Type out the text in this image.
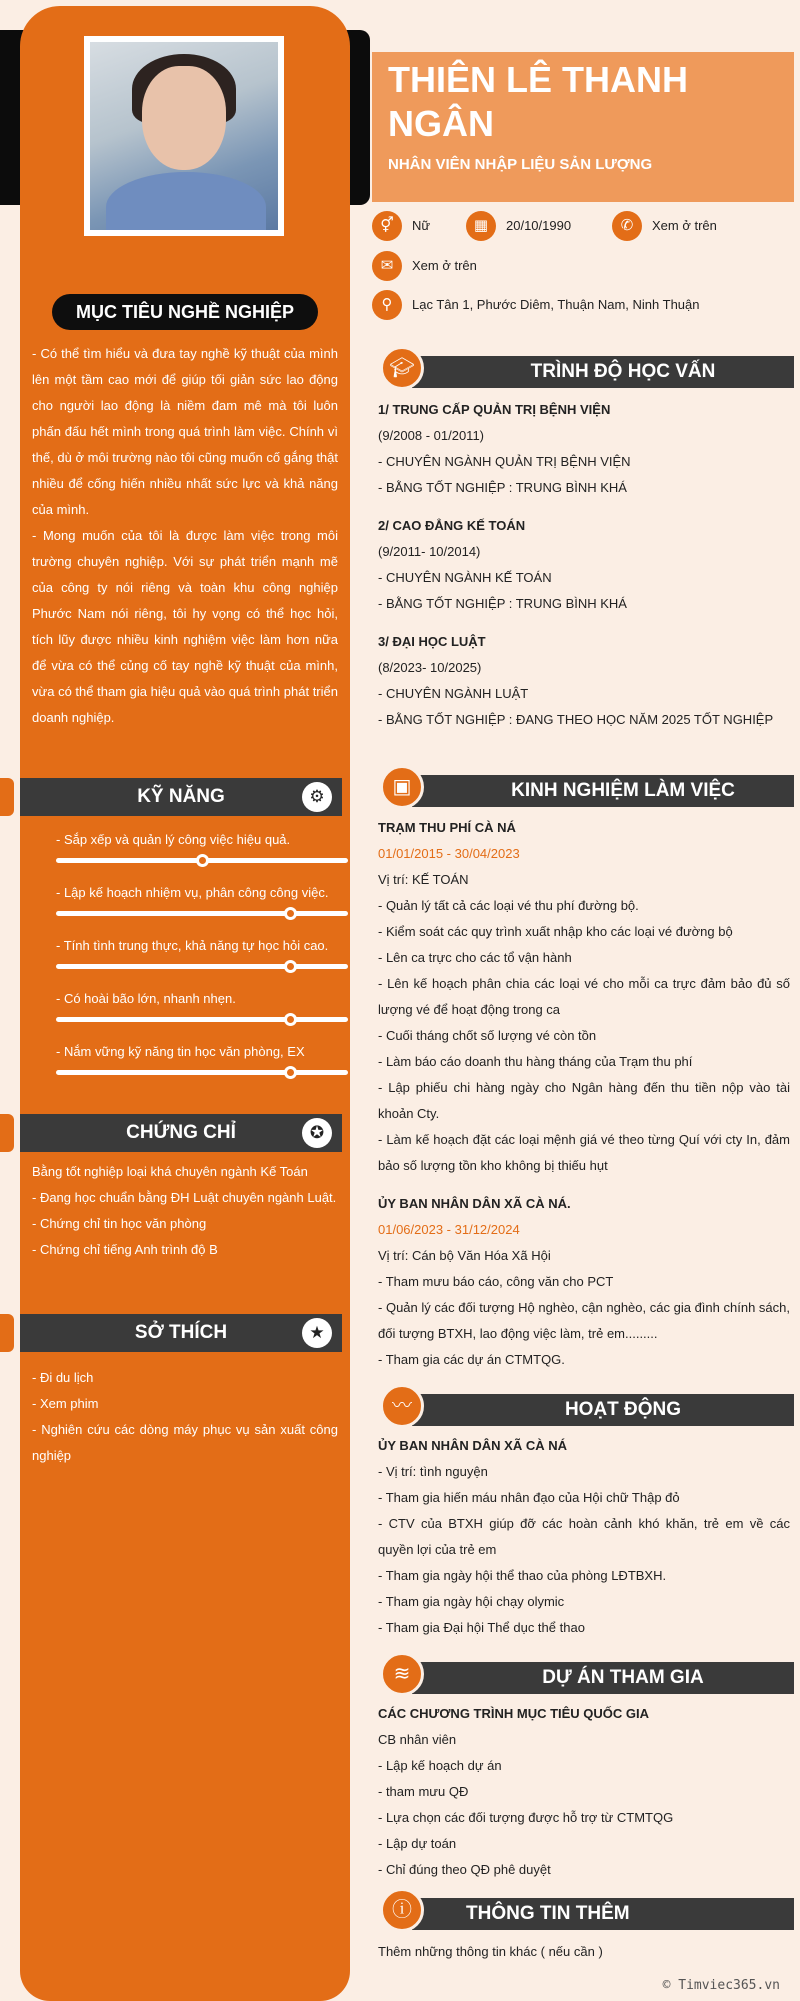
MỤC TIÊU NGHỀ NGHIỆP
- Có thể tìm hiểu và đưa tay nghề kỹ thuật của mình lên một tầm cao mới để giúp tối giản sức lao động cho người lao động là niềm đam mê mà tôi luôn phấn đấu hết mình trong quá trình làm việc. Chính vì thế, dù ở môi trường nào tôi cũng muốn cố gắng thật nhiều để cống hiến nhiều nhất sức lực và khả năng của mình.
- Mong muốn của tôi là được làm việc trong môi trường chuyên nghiệp. Với sự phát triển mạnh mẽ của công ty nói riêng và toàn khu công nghiệp Phước Nam nói riêng, tôi hy vọng có thể học hỏi, tích lũy được nhiều kinh nghiệm việc làm hơn nữa để vừa có thể củng cố tay nghề kỹ thuật của mình, vừa có thể tham gia hiệu quả vào quá trình phát triển doanh nghiệp.
KỸ NĂNG	⚙
- Sắp xếp và quản lý công việc hiệu quả.
- Lập kế hoạch nhiệm vụ, phân công công việc.
- Tính tình trung thực, khả năng tự học hỏi cao.
- Có hoài bão lớn, nhanh nhẹn.
- Nắm vững kỹ năng tin học văn phòng, EX
CHỨNG CHỈ	✪
Bằng tốt nghiệp loại khá chuyên ngành Kế Toán
- Đang học chuẩn bằng ĐH Luật chuyên ngành Luật.
- Chứng chỉ tin học văn phòng
- Chứng chỉ tiếng Anh trình độ B
SỞ THÍCH	★
- Đi du lịch
- Xem phim
- Nghiên cứu các dòng máy phục vụ sản xuất công nghiệp
THIÊN LÊ THANH NGÂN
NHÂN VIÊN NHẬP LIỆU SẢN LƯỢNG
⚥	Nữ	▦	20/10/1990	✆	Xem ở trên
✉	Xem ở trên
⚲	Lạc Tân 1, Phước Diêm, Thuận Nam, Ninh Thuận
TRÌNH ĐỘ HỌC VẤN
🎓︎
1/ TRUNG CẤP QUẢN TRỊ BỆNH VIỆN
(9/2008 - 01/2011)
- CHUYÊN NGÀNH QUẢN TRỊ BỆNH VIỆN
- BẰNG TỐT NGHIỆP : TRUNG BÌNH KHÁ
2/ CAO ĐẲNG KẾ TOÁN
(9/2011- 10/2014)
- CHUYÊN NGÀNH KẾ TOÁN
- BẰNG TỐT NGHIỆP : TRUNG BÌNH KHÁ
3/ ĐẠI HỌC LUẬT
(8/2023- 10/2025)
- CHUYÊN NGÀNH LUẬT
- BẰNG TỐT NGHIỆP : ĐANG THEO HỌC NĂM 2025 TỐT NGHIỆP
KINH NGHIỆM LÀM VIỆC
▣
TRẠM THU PHÍ CÀ NÁ
01/01/2015 - 30/04/2023
Vị trí: KẾ TOÁN
- Quản lý tất cả các loại vé thu phí đường bộ.
- Kiểm soát các quy trình xuất nhập kho các loại vé đường bộ
- Lên ca trực cho các tổ vận hành
- Lên kế hoạch phân chia các loại vé cho mỗi ca trực đảm bảo đủ số lượng vé để hoạt động trong ca
- Cuối tháng chốt số lượng vé còn tồn
- Làm báo cáo doanh thu hàng tháng của Trạm thu phí
- Lập phiếu chi hàng ngày cho Ngân hàng đến thu tiền nộp vào tài khoản Cty.
- Làm kế hoạch đặt các loại mệnh giá vé theo từng Quí với cty In, đảm bảo số lượng tồn kho không bị thiếu hụt
ỦY BAN NHÂN DÂN XÃ CÀ NÁ.
01/06/2023 - 31/12/2024
Vị trí: Cán bộ Văn Hóa Xã Hội
- Tham mưu báo cáo, công văn cho PCT
- Quản lý các đối tượng Hộ nghèo, cận nghèo, các gia đình chính sách, đối tượng BTXH, lao động việc làm, trẻ em.........
- Tham gia các dự án CTMTQG.
HOẠT ĐỘNG
〰
ỦY BAN NHÂN DÂN XÃ CÀ NÁ
- Vị trí: tình nguyện
- Tham gia hiến máu nhân đạo của Hội chữ Thập đỏ
- CTV của BTXH giúp đỡ các hoàn cảnh khó khăn, trẻ em về các quyền lợi của trẻ em
- Tham gia ngày hội thể thao của phòng LĐTBXH.
- Tham gia ngày hội chạy olymic
- Tham gia Đại hội Thể dục thể thao
DỰ ÁN THAM GIA
≋
CÁC CHƯƠNG TRÌNH MỤC TIÊU QUỐC GIA
CB nhân viên
- Lập kế hoạch dự án
- tham mưu QĐ
- Lựa chọn các đối tượng được hỗ trợ từ CTMTQG
- Lập dự toán
- Chỉ đúng theo QĐ phê duyệt
THÔNG TIN THÊM
ⓘ
Thêm những thông tin khác ( nếu cần )
© Timviec365.vn
